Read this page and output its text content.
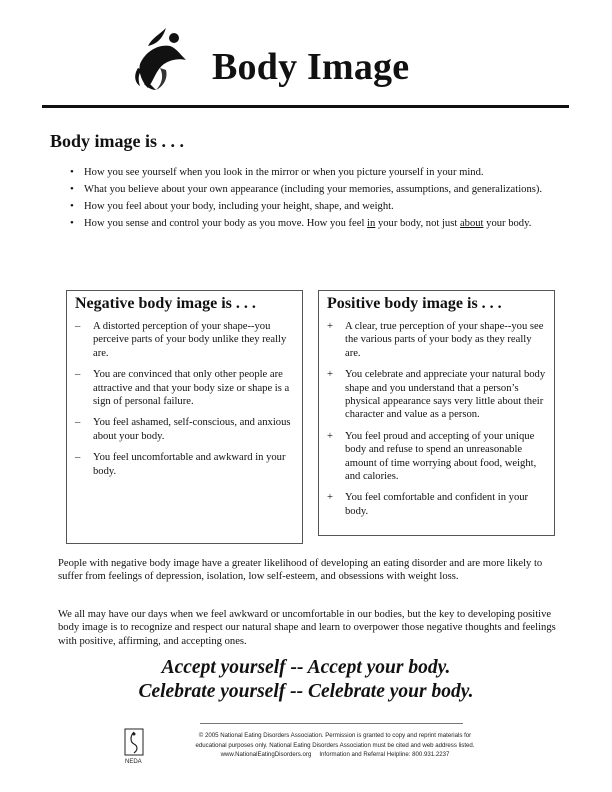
Body Image
Body image is . . .
• How you see yourself when you look in the mirror or when you picture yourself in your mind.
• What you believe about your own appearance (including your memories, assumptions, and generalizations).
• How you feel about your body, including your height, shape, and weight.
• How you sense and control your body as you move. How you feel in your body, not just about your body.
Negative body image is . . .
–	A distorted perception of your shape--you perceive parts of your body unlike they really are.
–	You are convinced that only other people are attractive and that your body size or shape is a sign of personal failure.
–	You feel ashamed, self-conscious, and anxious about your body.
–	You feel uncomfortable and awkward in your body.
Positive body image is . . .
+	A clear, true perception of your shape--you see the various parts of your body as they really are.
+	You celebrate and appreciate your natural body shape and you understand that a person’s physical appearance says very little about their character and value as a person.
+	You feel proud and accepting of your unique body and refuse to spend an unreasonable amount of time worrying about food, weight, and calories.
+	You feel comfortable and confident in your body.

People with negative body image have a greater likelihood of developing an eating disorder and are more likely to suffer from feelings of depression, isolation, low self-esteem, and obsessions with weight loss.

We all may have our days when we feel awkward or uncomfortable in our bodies, but the key to developing positive body image is to recognize and respect our natural shape and learn to overpower those negative thoughts and feelings with positive, affirming, and accepting ones.

Accept yourself -- Accept your body.
Celebrate yourself -- Celebrate your body.
NEDA
© 2005 National Eating Disorders Association. Permission is granted to copy and reprint materials for
educational purposes only. National Eating Disorders Association must be cited and web address listed.
www.NationalEatingDisorders.org Information and Referral Helpline: 800.931.2237
